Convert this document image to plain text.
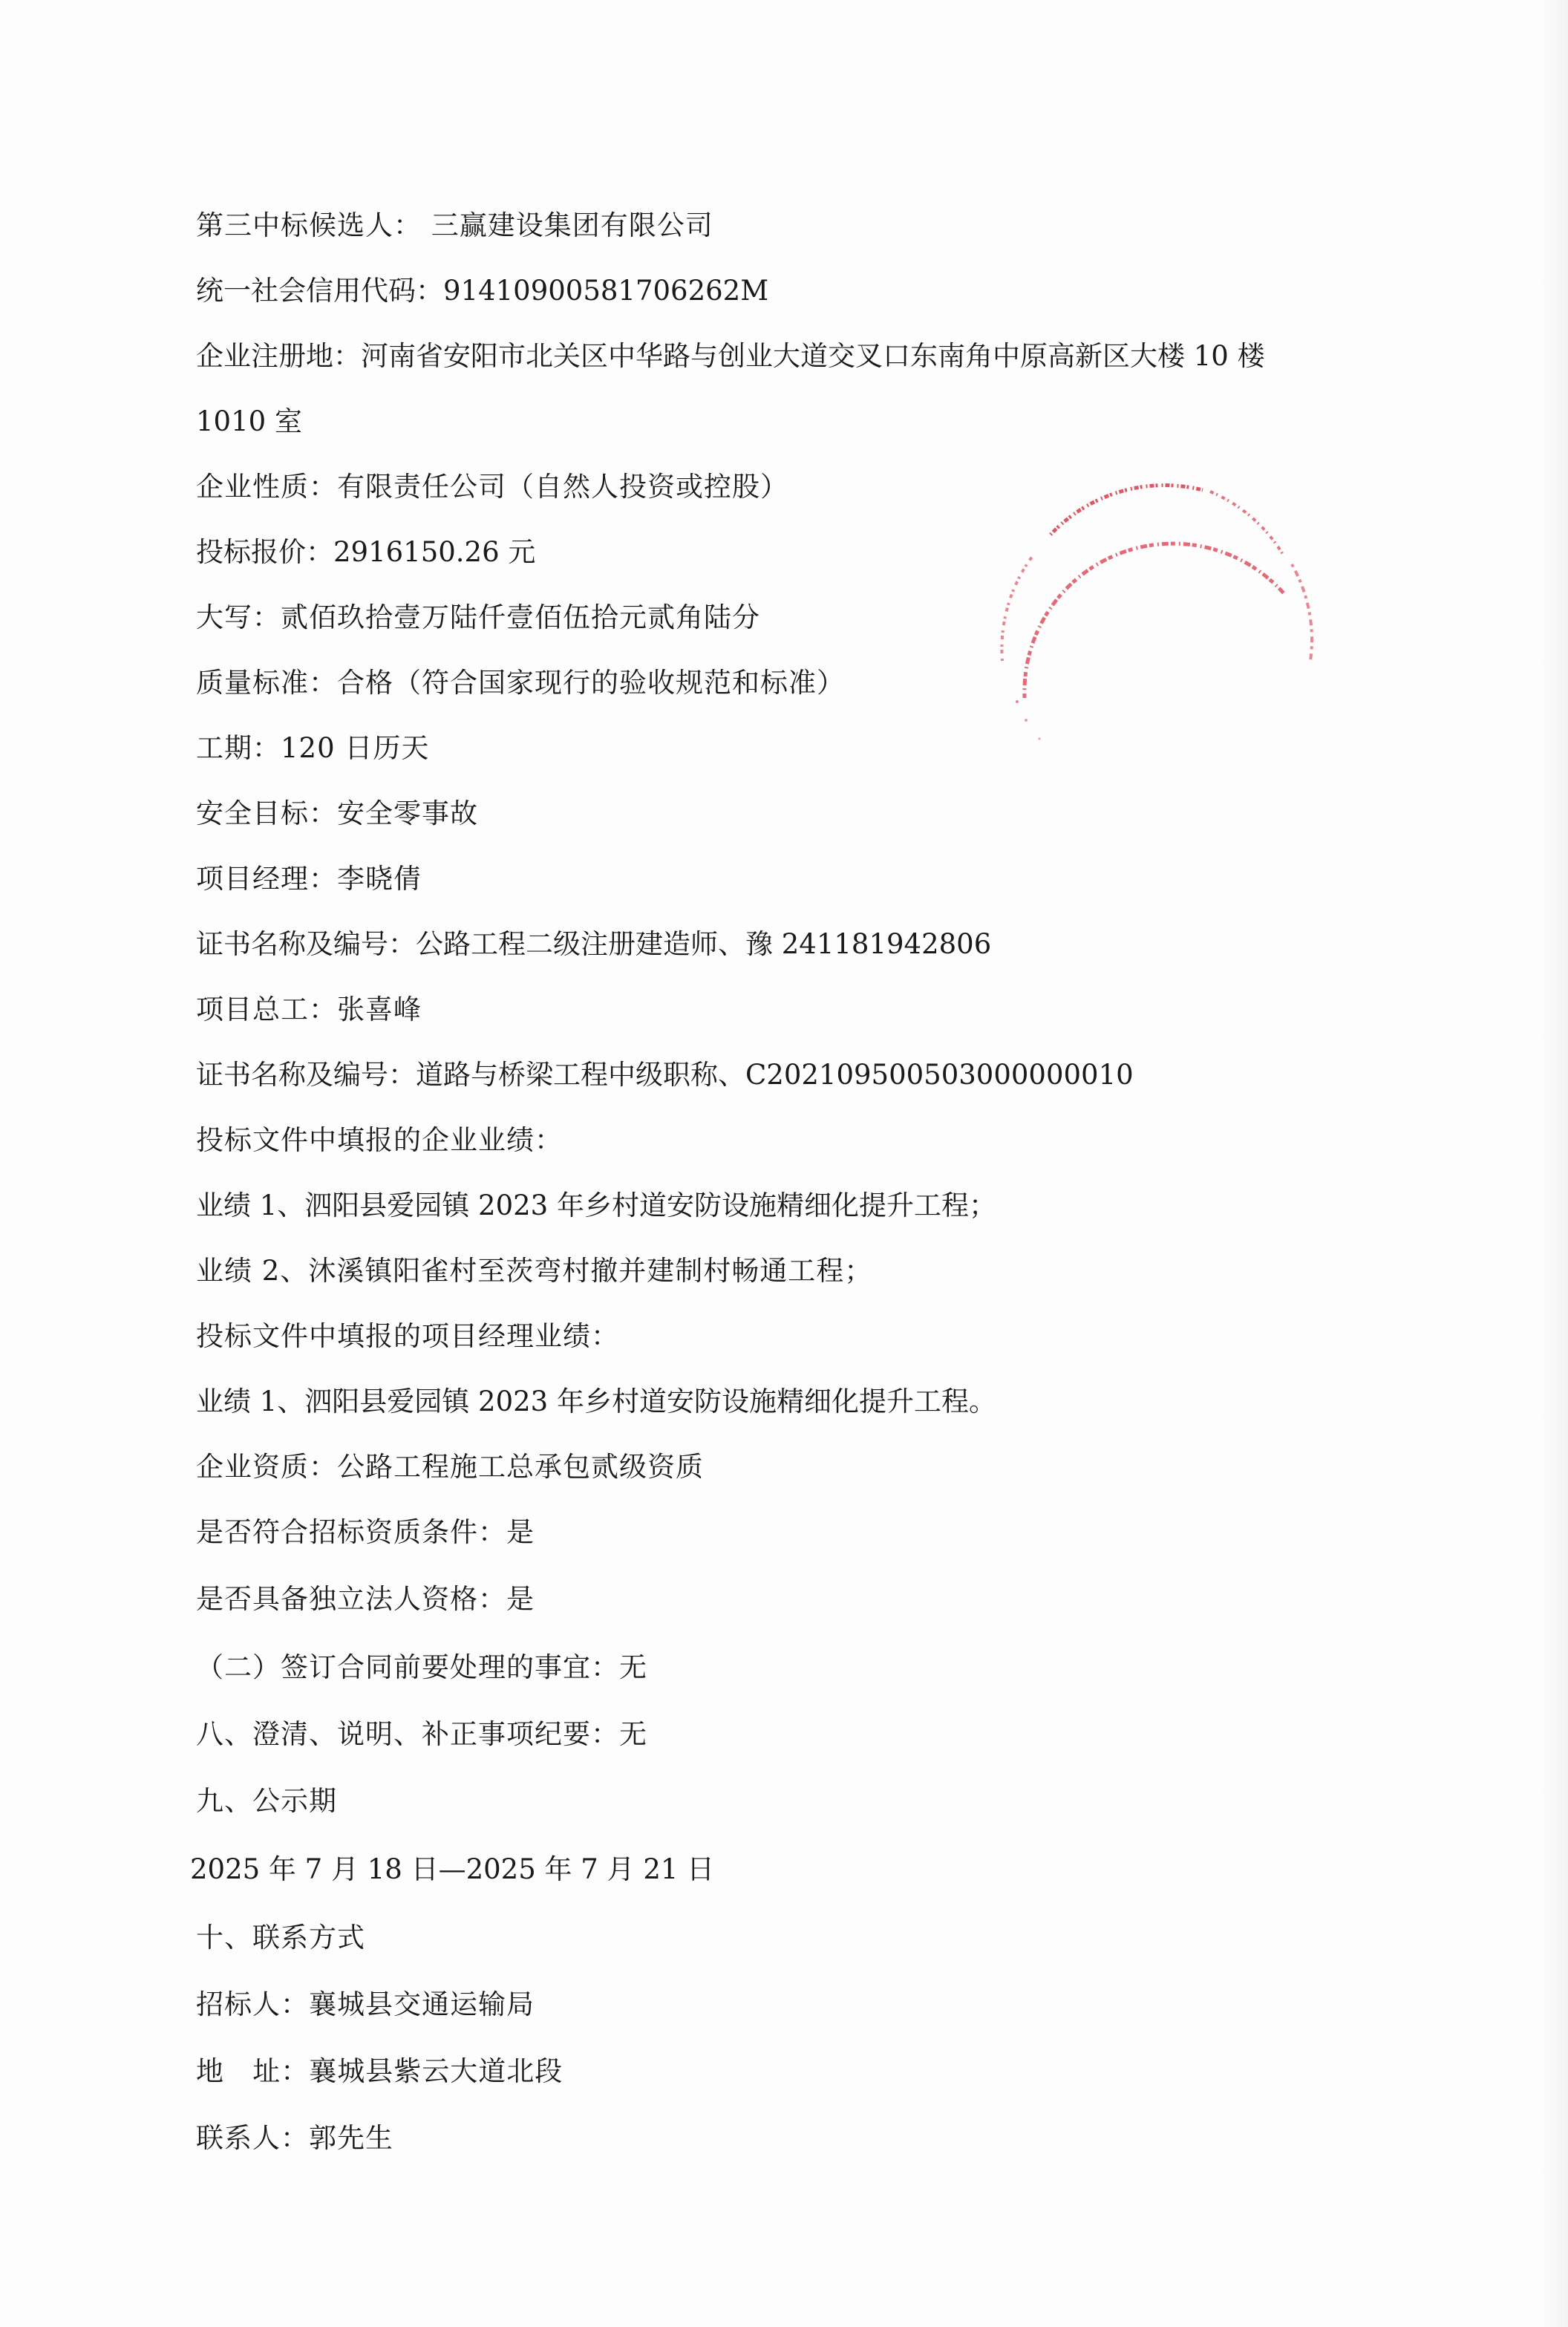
第三中标候选人： 三赢建设集团有限公司
统一社会信用代码：91410900581706262M
企业注册地：河南省安阳市北关区中华路与创业大道交叉口东南角中原高新区大楼 10 楼
1010 室
企业性质：有限责任公司（自然人投资或控股）
投标报价：2916150.26 元
大写：贰佰玖拾壹万陆仟壹佰伍拾元贰角陆分
质量标准：合格（符合国家现行的验收规范和标准）
工期：120 日历天
安全目标：安全零事故
项目经理：李晓倩
证书名称及编号：公路工程二级注册建造师、豫 241181942806
项目总工：张喜峰
证书名称及编号：道路与桥梁工程中级职称、C202109500503000000010
投标文件中填报的企业业绩：
业绩 1、泗阳县爱园镇 2023 年乡村道安防设施精细化提升工程；
业绩 2、沐溪镇阳雀村至茨弯村撤并建制村畅通工程；
投标文件中填报的项目经理业绩：
业绩 1、泗阳县爱园镇 2023 年乡村道安防设施精细化提升工程。
企业资质：公路工程施工总承包贰级资质
是否符合招标资质条件：是
是否具备独立法人资格：是
（二）签订合同前要处理的事宜：无
八、澄清、说明、补正事项纪要：无
九、公示期
2025 年 7 月 18 日—2025 年 7 月 21 日
十、联系方式
招标人：襄城县交通运输局
地   址：襄城县紫云大道北段
联系人：郭先生
